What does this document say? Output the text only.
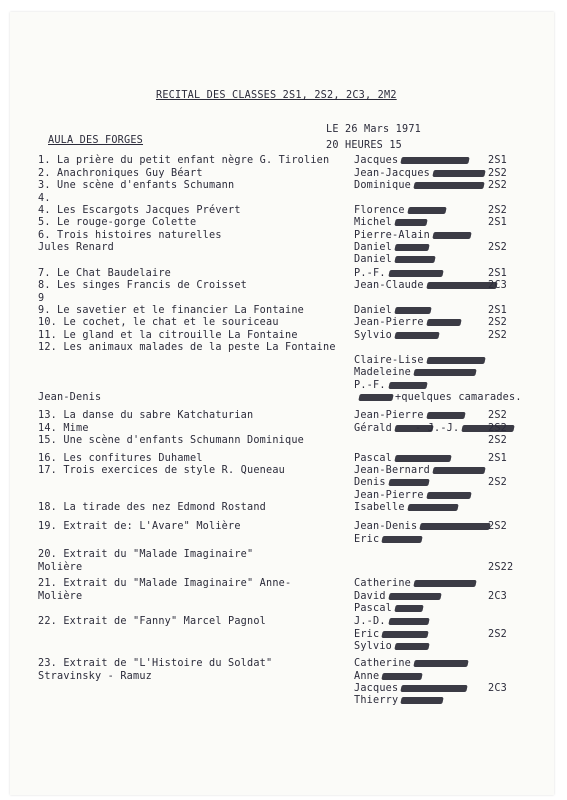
RECITAL DES CLASSES 2S1, 2S2, 2C3, 2M2
LE 26 Mars 1971
20 HEURES 15
AULA DES FORGES
1. La prière du petit enfant nègre G. Tirolien Jacques	2S1
2. Anachroniques Guy Béart	Jean-Jacques	2S2
3. Une scène d'enfants Schumann	Dominique	2S2
4.
4. Les Escargots Jacques Prévert	Florence	2S2
5. Le rouge-gorge Colette	Michel	2S1
6. Trois histoires naturelles	Pierre-Alain
Jules Renard	Daniel	2S2
Daniel
7. Le Chat Baudelaire	P.-F.	2S1
8. Les singes Francis de Croisset	Jean-Claude	2C3
9
9. Le savetier et le financier La Fontaine	Daniel	2S1
10. Le cochet, le chat et le souriceau	Jean-Pierre	2S2
11. Le gland et la citrouille La Fontaine	Sylvio	2S2
12. Les animaux malades de la peste La Fontaine
Claire-Lise
Madeleine
P.-F.
Jean-Denis	+quelques camarades.
13. La danse du sabre Katchaturian	Jean-Pierre	2S2
14. Mime	Gérald	- J.-J.	2S2
15. Une scène d'enfants Schumann Dominique	2S2
16. Les confitures Duhamel	Pascal	2S1
17. Trois exercices de style R. Queneau	Jean-Bernard
Denis	2S2
Jean-Pierre
18. La tirade des nez Edmond Rostand	Isabelle
19. Extrait de: L'Avare" Molière	Jean-Denis	2S2
Eric
20. Extrait du "Malade Imaginaire"
Molière	2S22
21. Extrait du "Malade Imaginaire" Anne-	Catherine
Molière	David	2C3
Pascal
22. Extrait de "Fanny" Marcel Pagnol	J.-D.
Eric	2S2
Sylvio
23. Extrait de "L'Histoire du Soldat"	Catherine
Stravinsky - Ramuz	Anne
Jacques	2C3
Thierry
